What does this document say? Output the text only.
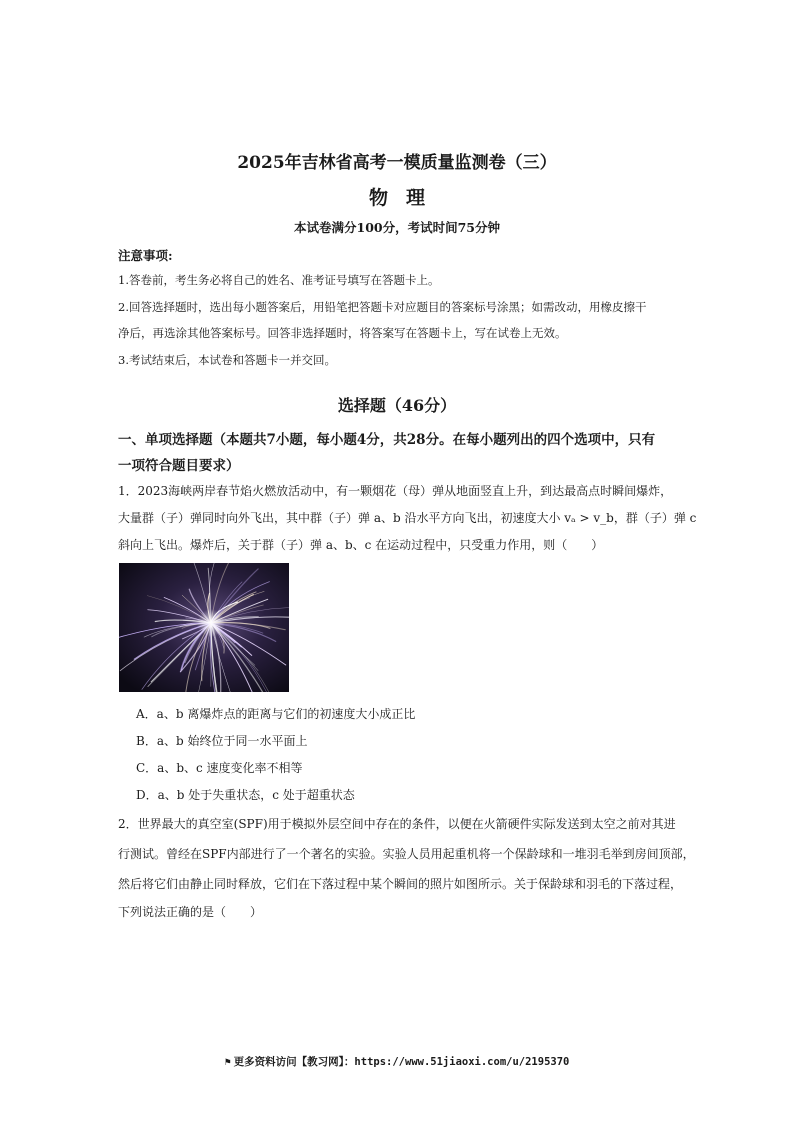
2025年吉林省高考一模质量监测卷（三）
物理
本试卷满分100分，考试时间75分钟
注意事项:
1.答卷前，考生务必将自己的姓名、准考证号填写在答题卡上。
2.回答选择题时，选出每小题答案后，用铅笔把答题卡对应题目的答案标号涂黑；如需改动，用橡皮擦干
净后，再选涂其他答案标号。回答非选择题时，将答案写在答题卡上，写在试卷上无效。
3.考试结束后，本试卷和答题卡一并交回。
选择题（46分）
一、单项选择题（本题共7小题，每小题4分，共28分。在每小题列出的四个选项中，只有
一项符合题目要求）
1．2023海峡两岸春节焰火燃放活动中，有一颗烟花（母）弹从地面竖直上升，到达最高点时瞬间爆炸，
大量群（子）弹同时向外飞出，其中群（子）弹 a、b 沿水平方向飞出，初速度大小 vₐ > v_b，群（子）弹 c
斜向上飞出。爆炸后，关于群（子）弹 a、b、c 在运动过程中，只受重力作用，则（　　）
A．a、b 离爆炸点的距离与它们的初速度大小成正比
B．a、b 始终位于同一水平面上
C．a、b、c 速度变化率不相等
D．a、b 处于失重状态，c 处于超重状态
2．世界最大的真空室(SPF)用于模拟外层空间中存在的条件，以便在火箭硬件实际发送到太空之前对其进
行测试。曾经在SPF内部进行了一个著名的实验。实验人员用起重机将一个保龄球和一堆羽毛举到房间顶部，
然后将它们由静止同时释放，它们在下落过程中某个瞬间的照片如图所示。关于保龄球和羽毛的下落过程，
下列说法正确的是（　　）
⚑ 更多资料访问【教习网】：https://www.51jiaoxi.com/u/2195370
